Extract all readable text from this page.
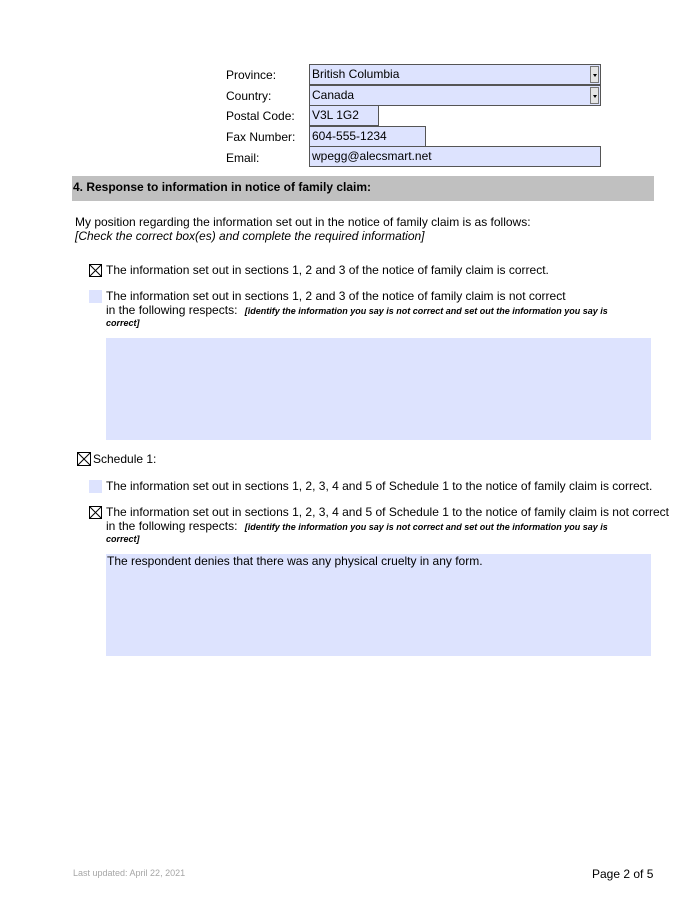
Province:	British Columbia
Country:	Canada
Postal Code: V3L 1G2
Fax Number: 604-555-1234
Email:	wpegg@alecsmart.net
4. Response to information in notice of family claim:
My position regarding the information set out in the notice of family claim is as follows:
[Check the correct box(es) and complete the required information]
The information set out in sections 1, 2 and 3 of the notice of family claim is correct.
The information set out in sections 1, 2 and 3 of the notice of family claim is not correct
in the following respects: [identify the information you say is not correct and set out the information you say is
correct]
Schedule 1:
The information set out in sections 1, 2, 3, 4 and 5 of Schedule 1 to the notice of family claim is correct.
The information set out in sections 1, 2, 3, 4 and 5 of Schedule 1 to the notice of family claim is not correct
in the following respects: [identify the information you say is not correct and set out the information you say is
correct]
The respondent denies that there was any physical cruelty in any form.
Last updated: April 22, 2021	Page 2 of 5
